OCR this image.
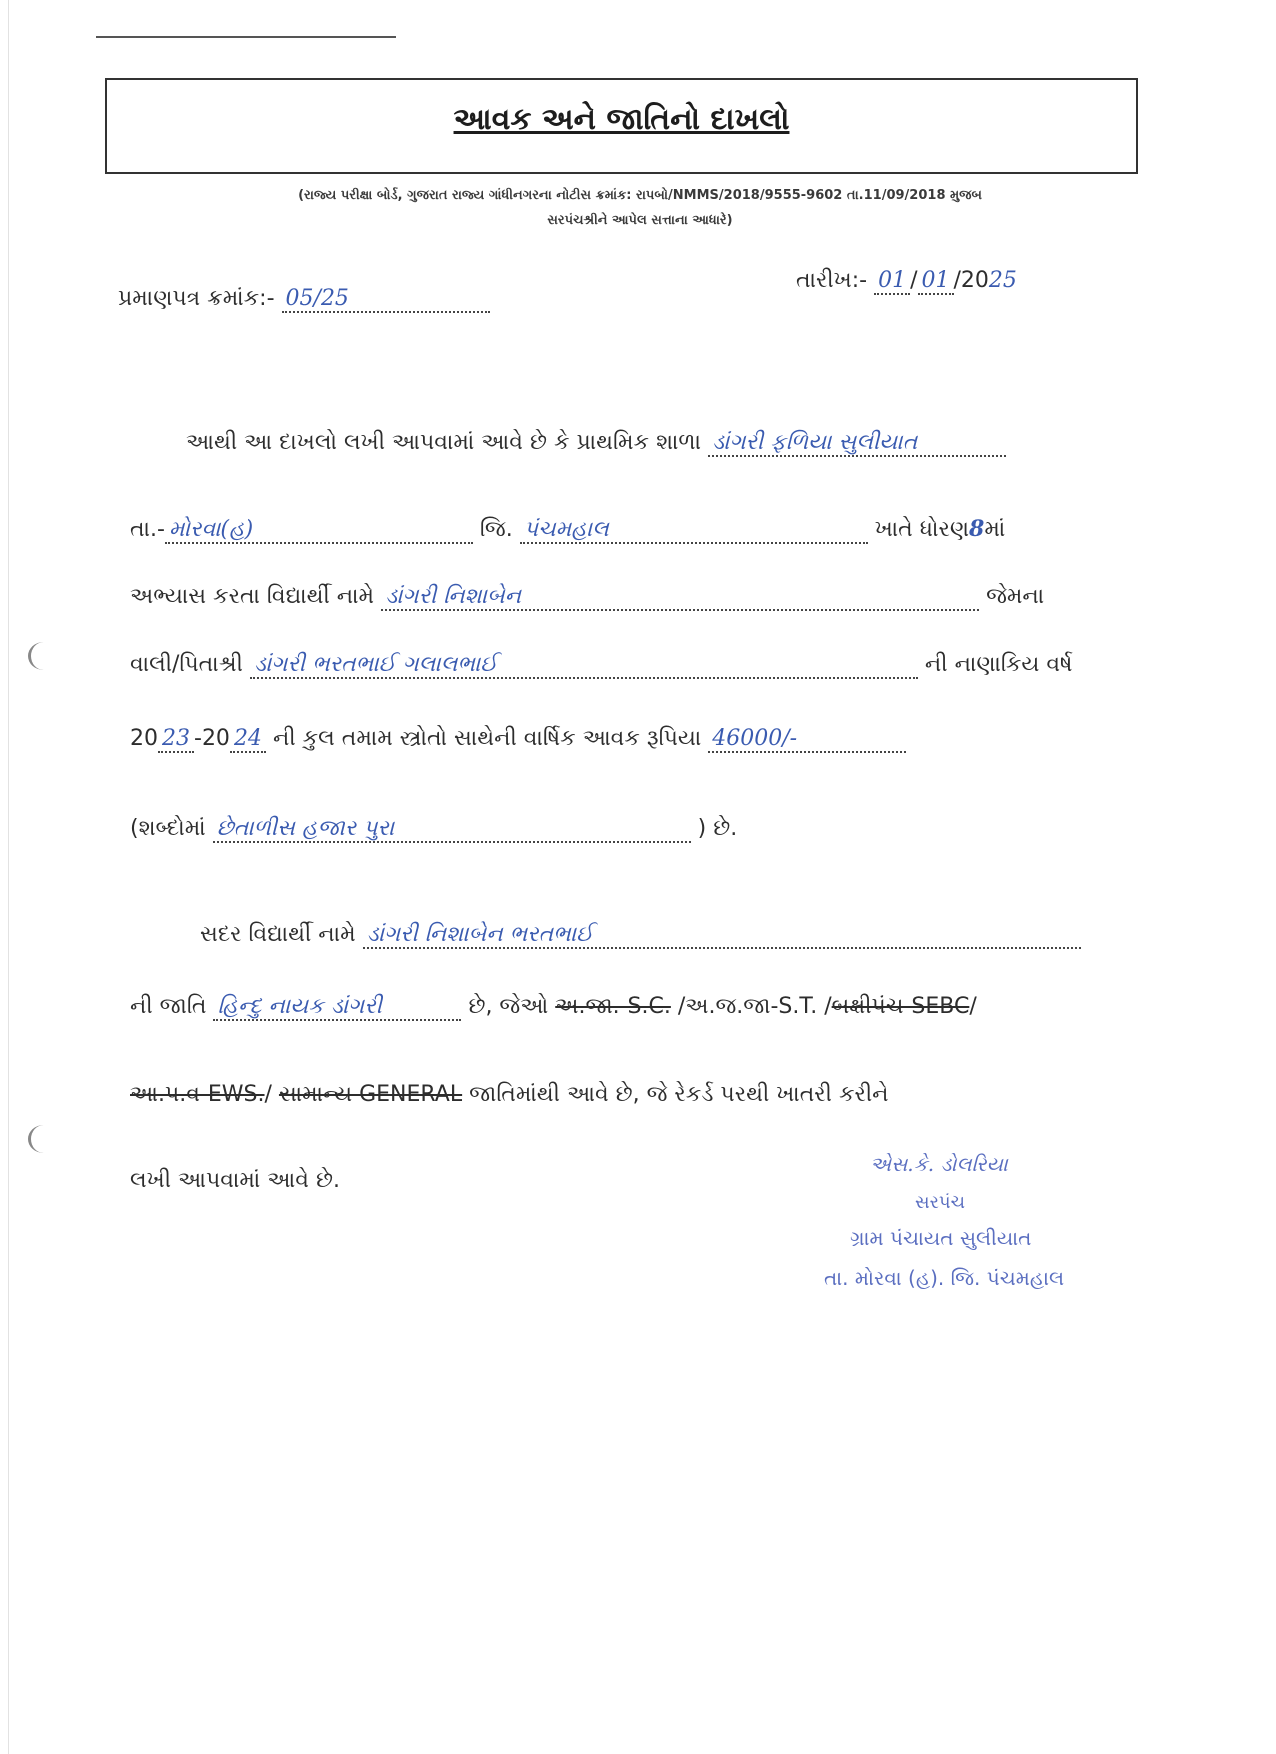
આવક અને જાતિનો દાખલો
(રાજ્ય પરીક્ષા બોર્ડ, ગુજરાત રાજ્ય ગાંધીનગરના નોટીસ ક્રમાંક: રાપબો/NMMS/2018/9555-9602 તા.11/09/2018 મુજબ
સરપંચશ્રીને આપેલ સત્તાના આધારે)
પ્રમાણપત્ર ક્રમાંક:- 05/25
તારીખ:- 01 / 01 /2025
આથી આ દાખલો લખી આપવામાં આવે છે કે પ્રાથમિક શાળા ડાંગરી ફળિયા સુલીયાત
તા.- મોરવા(હ)	જિ. પંચમહાલ	ખાતે ધોરણ8માં
અભ્યાસ કરતા વિદ્યાર્થી નામે ડાંગરી નિશાબેન	જેમના
વાલી/પિતાશ્રી ડાંગરી ભરતભાઈ ગલાલભાઈ	ની નાણાકિય વર્ષ
20 23 -20 24 ની કુલ તમામ સ્ત્રોતો સાથેની વાર્ષિક આવક રૂપિયા 46000/-
(શબ્દોમાં છેતાળીસ હજાર પુરા	) છે.
સદર વિદ્યાર્થી નામે ડાંગરી નિશાબેન ભરતભાઈ
ની જાતિ હિન્દુ નાયક ડાંગરી	છે, જેઓ અ.જા.-S.C. /અ.જ.જા-S.T. /બક્ષીપંચ-SEBC/
આ.પ.વ-EWS./ સામાન્ય GENERAL જાતિમાંથી આવે છે, જે રેકર્ડ પરથી ખાતરી કરીને
લખી આપવામાં આવે છે.
એસ.કે. ડોલરિયા
સરપંચ
ગ્રામ પંચાયત સુલીયાત
તા. મોરવા (હ). જિ. પંચમહાલ
